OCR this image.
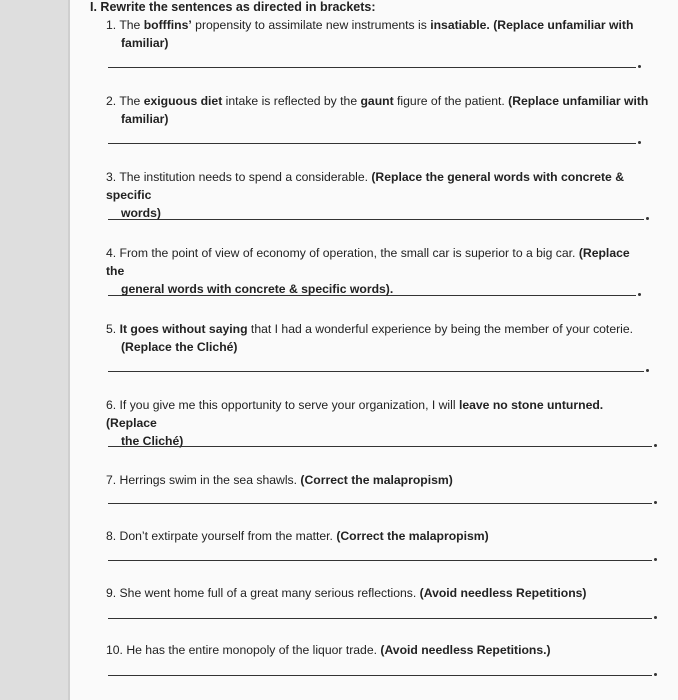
I. Rewrite the sentences as directed in brackets:
1. The bofffins’ propensity to assimilate new instruments is insatiable. (Replace unfamiliar with
familiar)
2. The exiguous diet intake is reflected by the gaunt figure of the patient. (Replace unfamiliar with
familiar)
3. The institution needs to spend a considerable. (Replace the general words with concrete & specific
words)
4. From the point of view of economy of operation, the small car is superior to a big car. (Replace the
general words with concrete & specific words).
5. It goes without saying that I had a wonderful experience by being the member of your coterie.
(Replace the Cliché)
6. If you give me this opportunity to serve your organization, I will leave no stone unturned. (Replace
the Cliché)
7. Herrings swim in the sea shawls. (Correct the malapropism)
8. Don’t extirpate yourself from the matter. (Correct the malapropism)
9. She went home full of a great many serious reflections. (Avoid needless Repetitions)
10. He has the entire monopoly of the liquor trade. (Avoid needless Repetitions.)
